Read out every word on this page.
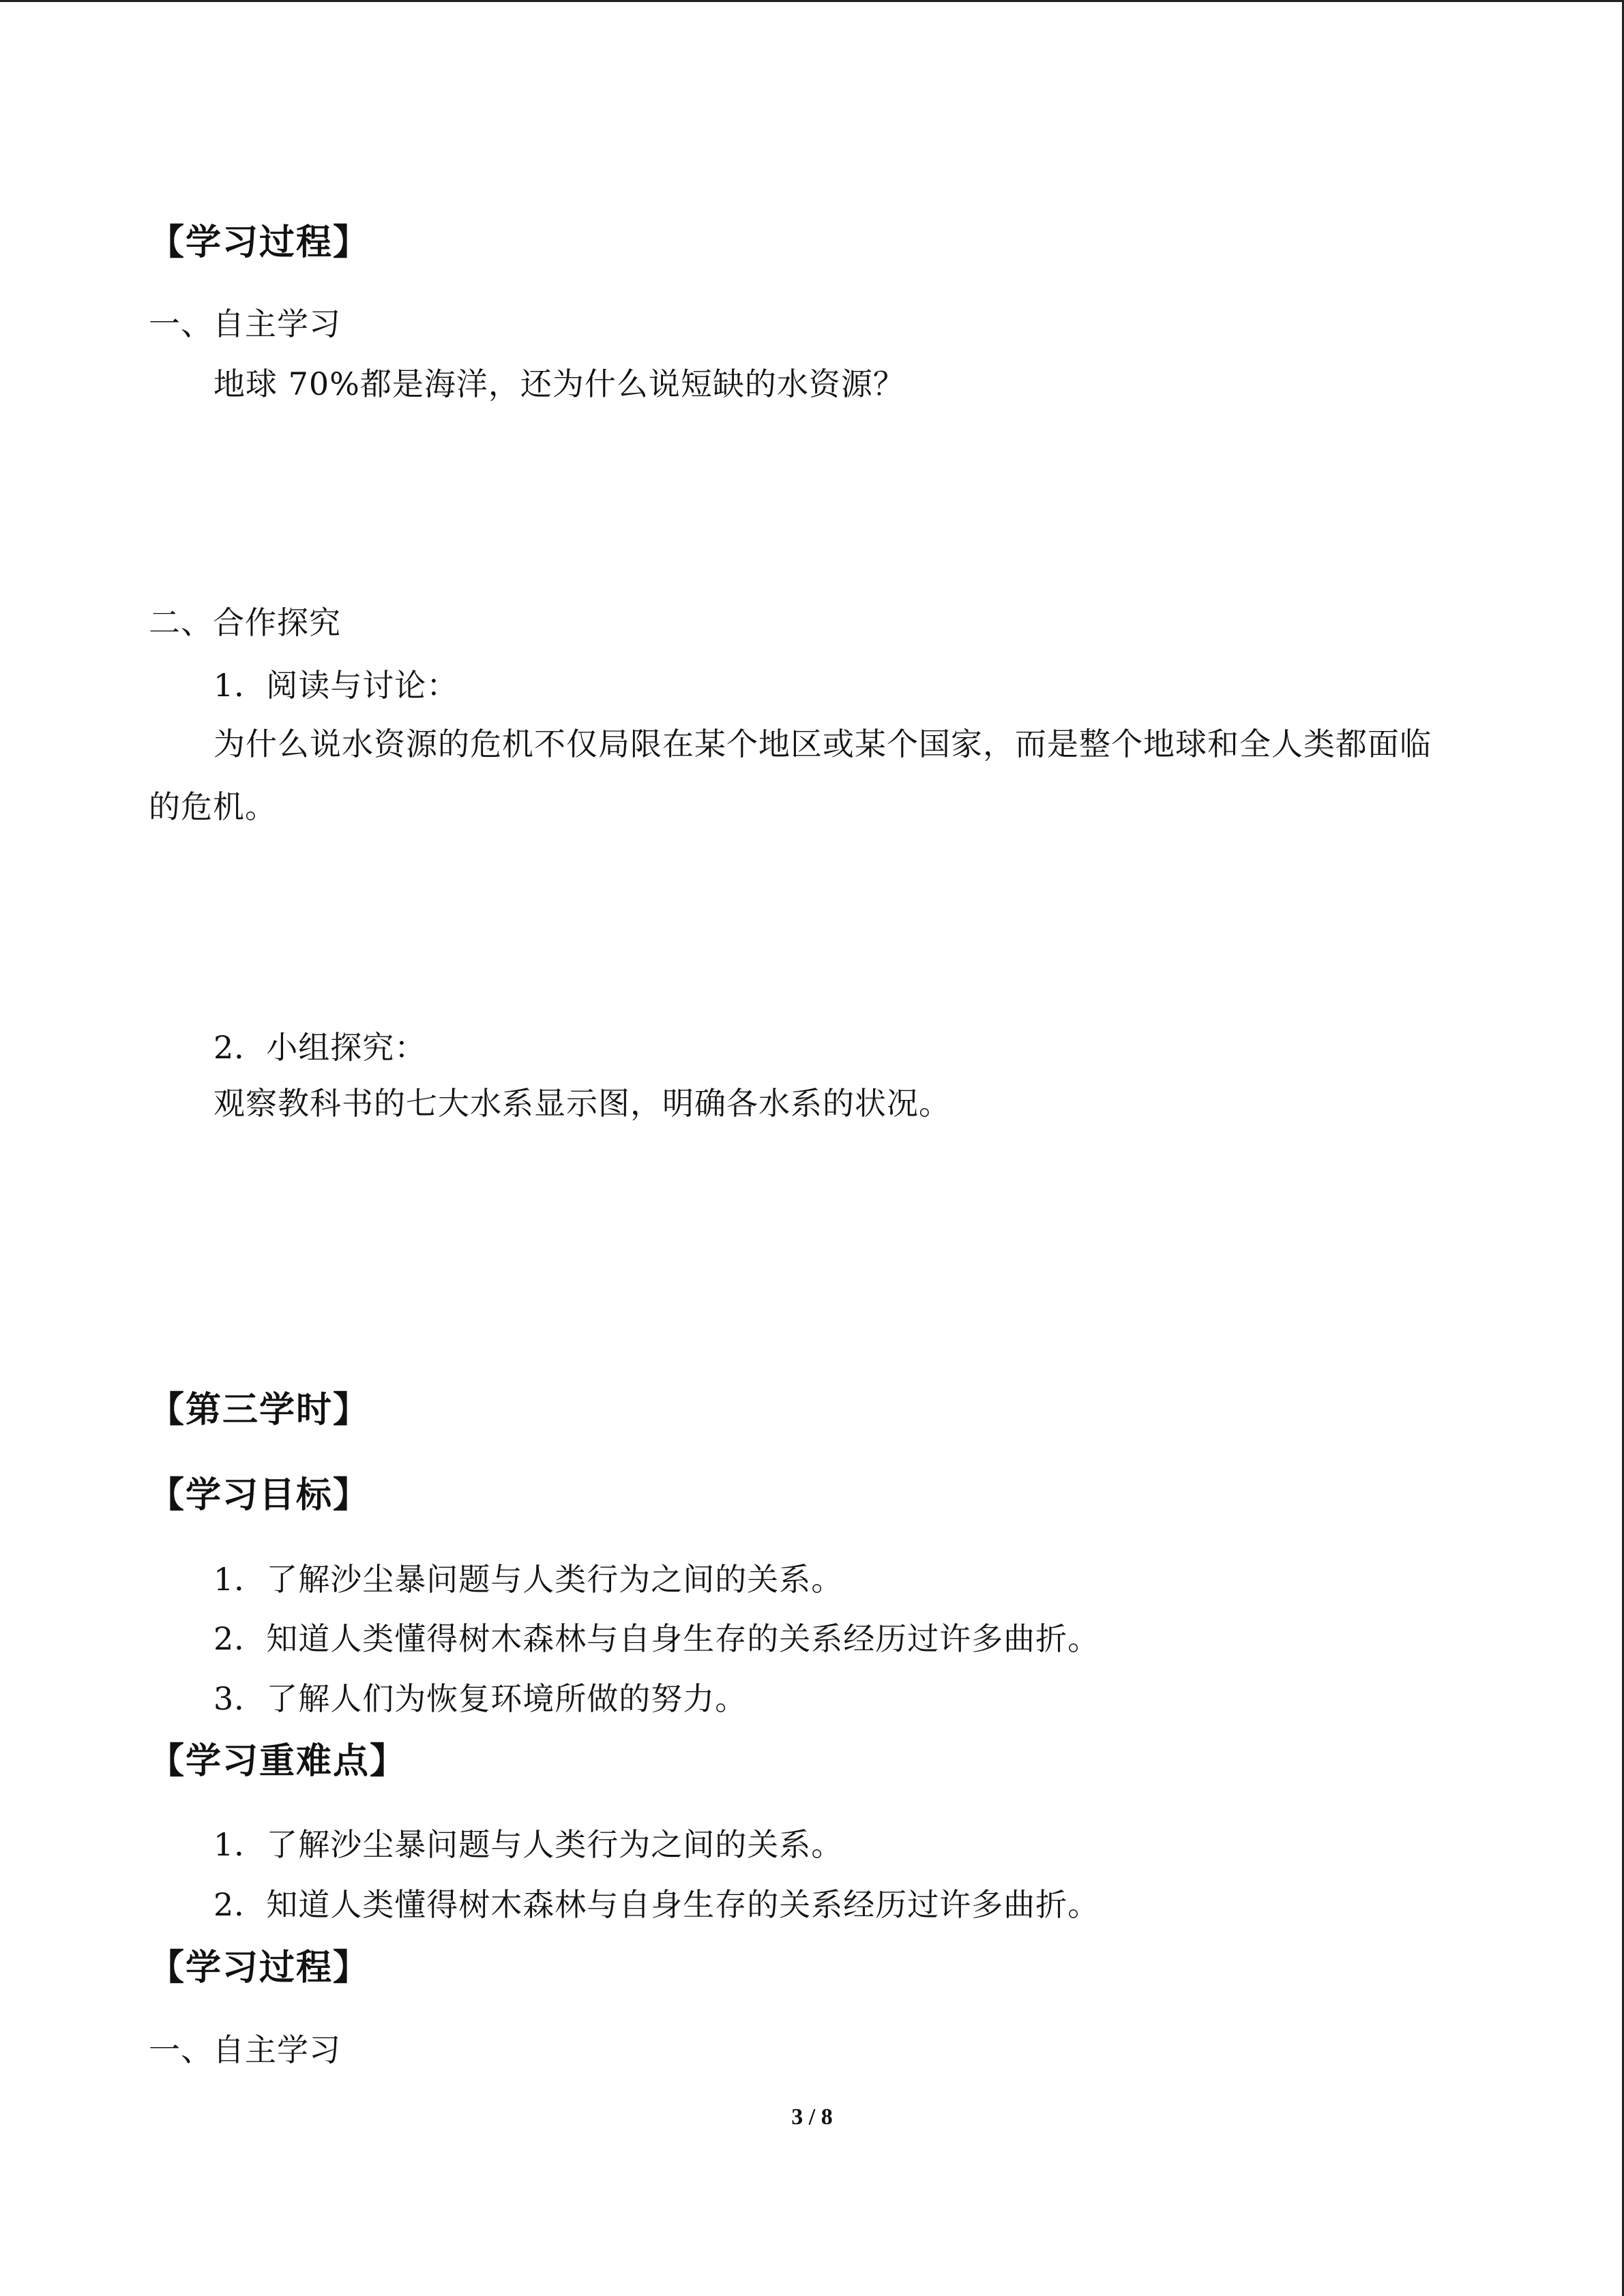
【学习过程】
一、自主学习
地球 70%都是海洋，还为什么说短缺的水资源？
二、合作探究
1．阅读与讨论：
为什么说水资源的危机不仅局限在某个地区或某个国家，而是整个地球和全人类都面临
的危机。
2．小组探究：
观察教科书的七大水系显示图，明确各水系的状况。
【第三学时】
【学习目标】
1．了解沙尘暴问题与人类行为之间的关系。
2．知道人类懂得树木森林与自身生存的关系经历过许多曲折。
3．了解人们为恢复环境所做的努力。
【学习重难点】
1．了解沙尘暴问题与人类行为之间的关系。
2．知道人类懂得树木森林与自身生存的关系经历过许多曲折。
【学习过程】
一、自主学习
3 / 8
